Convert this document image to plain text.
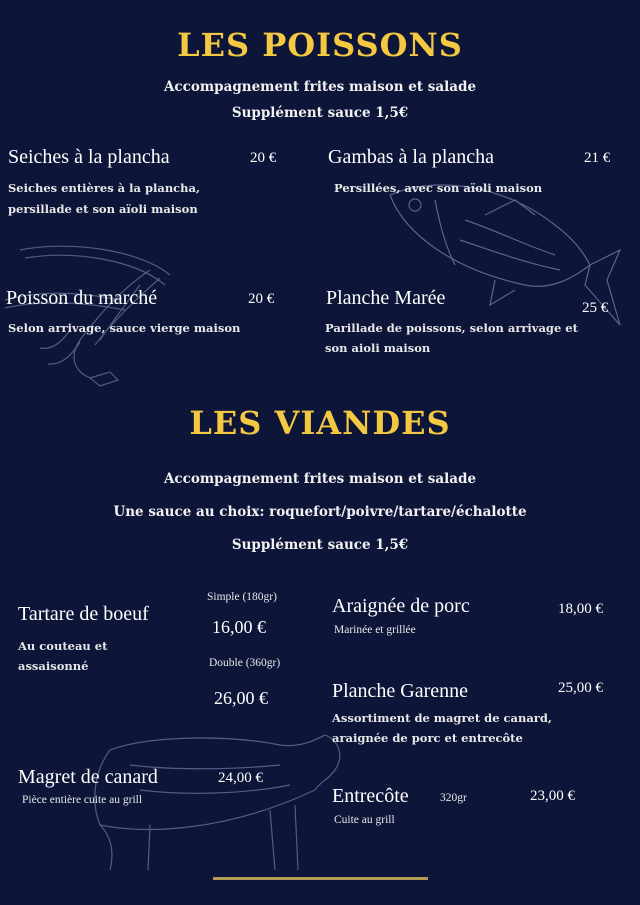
LES POISSONS
Accompagnement frites maison et salade
Supplément sauce 1,5€
Seiches à la plancha	20 €
Seiches entières à la plancha,
persillade et son aïoli maison
Gambas à la plancha	21 €
Persillées, avec son aïoli maison
Poisson du marché	20 €
Selon arrivage, sauce vierge maison
Planche Marée	25 €
Parillade de poissons, selon arrivage et
son aioli maison
LES VIANDES
Accompagnement frites maison et salade
Une sauce au choix: roquefort/poivre/tartare/échalotte
Supplément sauce 1,5€
Tartare de boeuf
Au couteau et
assaisonné
Simple (180gr)
16,00 €
Double (360gr)
26,00 €
Magret de canard	24,00 €
Pièce entière cuite au grill
Araignée de porc	18,00 €
Marinée et grillée
Planche Garenne	25,00 €
Assortiment de magret de canard,
araignée de porc et entrecôte
Entrecôte	320gr	23,00 €
Cuite au grill
